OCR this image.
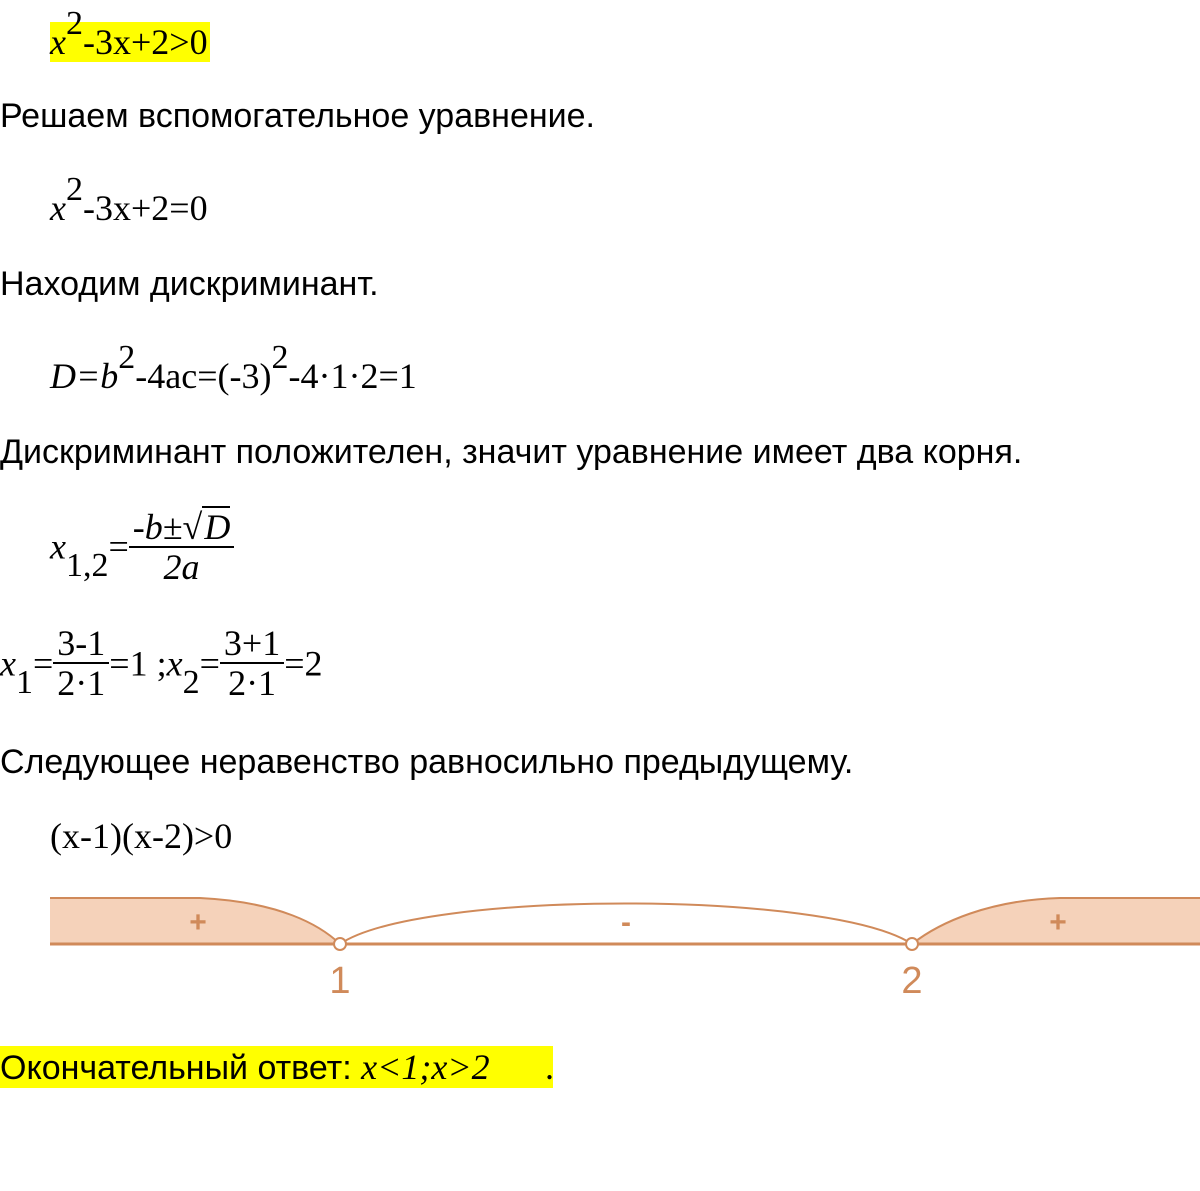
x2-3x+2>0
Решаем вспомогательное уравнение.
x2-3x+2=0
Находим дискриминант.
D=b2-4ac=(-3)2-4·1·2=1
Дискриминант положителен, значит уравнение имеет два корня.
$x1,2= \frac{-b\pm√D}{2a}$
$x1= \frac{3-1}{2\cdot 1} =1$ ;x2= $\frac{3+1}{2\cdot 1} =2$
Следующее неравенство равносильно предыдущему.
(x-1)(x-2)>0
1	2
+	-	+
Окончательный ответ: x<1;x>2 .
